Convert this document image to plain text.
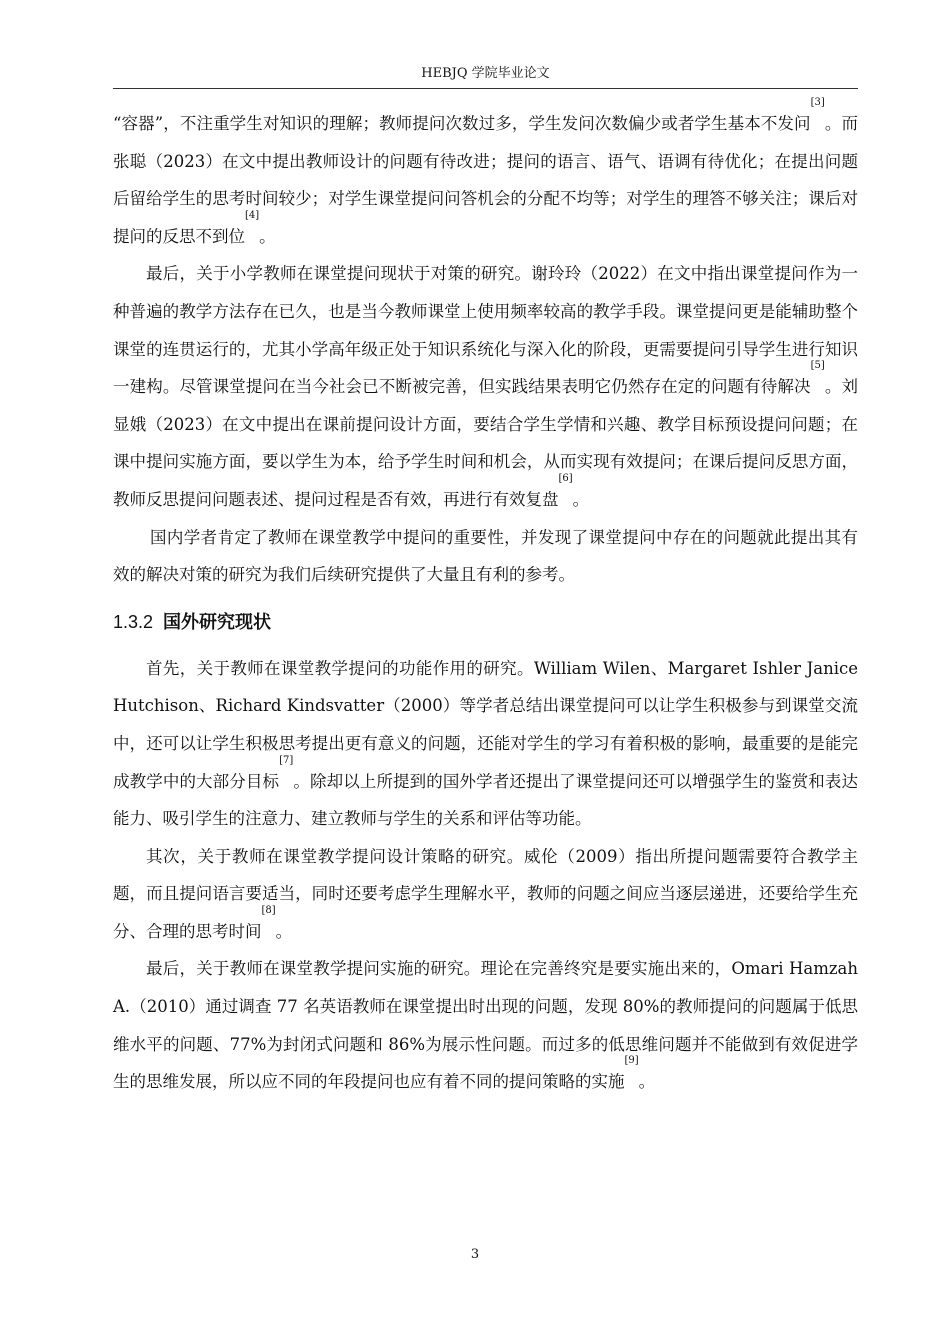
HEBJQ 学院毕业论文

“容器”，不注重学生对知识的理解；教师提问次数过多，学生发问次数偏少或者学生基本不发问[3]。而张聪（2023）在文中提出教师设计的问题有待改进；提问的语言、语气、语调有待优化；在提出问题后留给学生的思考时间较少；对学生课堂提问问答机会的分配不均等；对学生的理答不够关注；课后对提问的反思不到位[4]。

最后，关于小学教师在课堂提问现状于对策的研究。谢玲玲（2022）在文中指出课堂提问作为一种普遍的教学方法存在已久，也是当今教师课堂上使用频率较高的教学手段。课堂提问更是能辅助整个课堂的连贯运行的，尤其小学高年级正处于知识系统化与深入化的阶段，更需要提问引导学生进行知识一建构。尽管课堂提问在当今社会已不断被完善，但实践结果表明它仍然存在定的问题有待解决[5]。刘显娥（2023）在文中提出在课前提问设计方面，要结合学生学情和兴趣、教学目标预设提问问题；在课中提问实施方面，要以学生为本，给予学生时间和机会，从而实现有效提问；在课后提问反思方面，教师反思提问问题表述、提问过程是否有效，再进行有效复盘[6]。

国内学者肯定了教师在课堂教学中提问的重要性，并发现了课堂提问中存在的问题就此提出其有效的解决对策的研究为我们后续研究提供了大量且有利的参考。

1.3.2 国外研究现状

首先，关于教师在课堂教学提问的功能作用的研究。William Wilen、Margaret Ishler Janice Hutchison、Richard Kindsvatter（2000）等学者总结出课堂提问可以让学生积极参与到课堂交流中，还可以让学生积极思考提出更有意义的问题，还能对学生的学习有着积极的影响，最重要的是能完成教学中的大部分目标[7]。除却以上所提到的国外学者还提出了课堂提问还可以增强学生的鉴赏和表达能力、吸引学生的注意力、建立教师与学生的关系和评估等功能。

其次，关于教师在课堂教学提问设计策略的研究。威伦（2009）指出所提问题需要符合教学主题，而且提问语言要适当，同时还要考虑学生理解水平，教师的问题之间应当逐层递进，还要给学生充分、合理的思考时间[8]。

最后，关于教师在课堂教学提问实施的研究。理论在完善终究是要实施出来的，Omari Hamzah A.（2010）通过调查 77 名英语教师在课堂提出时出现的问题，发现 80%的教师提问的问题属于低思维水平的问题、77%为封闭式问题和 86%为展示性问题。而过多的低思维问题并不能做到有效促进学生的思维发展，所以应不同的年段提问也应有着不同的提问策略的实施[9]。

3
